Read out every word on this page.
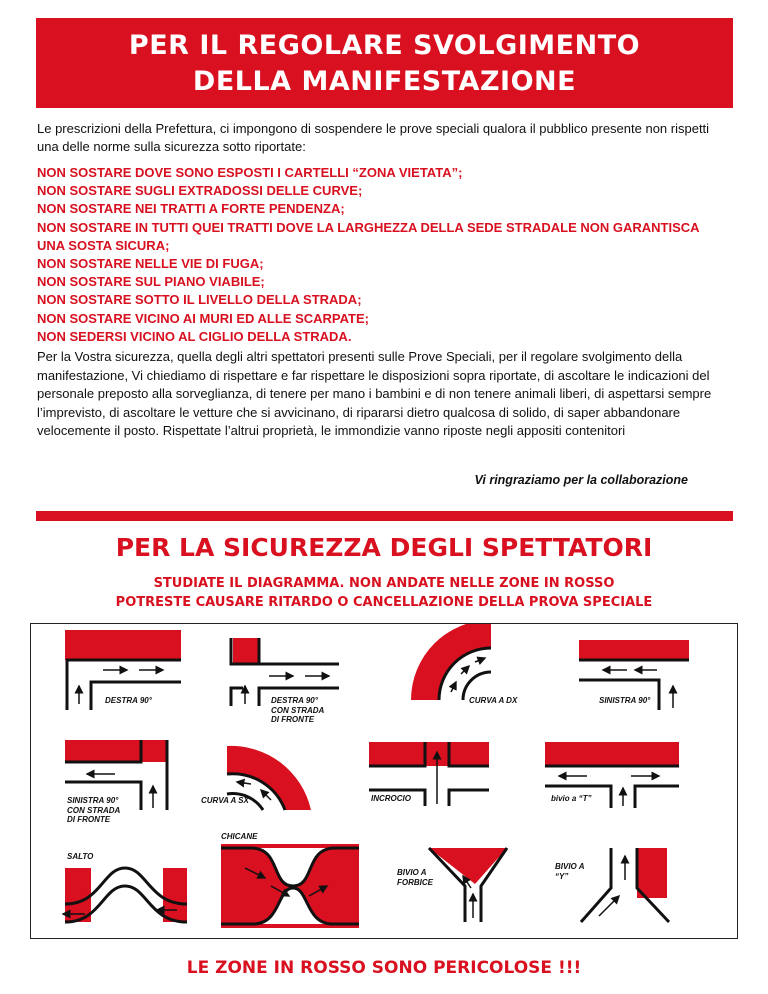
PER IL REGOLARE SVOLGIMENTO
DELLA MANIFESTAZIONE

Le prescrizioni della Prefettura, ci impongono di sospendere le prove speciali qualora il pubblico presente non rispetti una delle norme sulla sicurezza sotto riportate:

NON SOSTARE DOVE SONO ESPOSTI I CARTELLI “ZONA VIETATA”;
NON SOSTARE SUGLI EXTRADOSSI DELLE CURVE;
NON SOSTARE NEI TRATTI A FORTE PENDENZA;
NON SOSTARE IN TUTTI QUEI TRATTI DOVE LA LARGHEZZA DELLA SEDE STRADALE NON GARANTISCA UNA SOSTA SICURA;
NON SOSTARE NELLE VIE DI FUGA;
NON SOSTARE SUL PIANO VIABILE;
NON SOSTARE SOTTO IL LIVELLO DELLA STRADA;
NON SOSTARE VICINO AI MURI ED ALLE SCARPATE;
NON SEDERSI VICINO AL CIGLIO DELLA STRADA.

Per la Vostra sicurezza, quella degli altri spettatori presenti sulle Prove Speciali, per il regolare svolgimento della manifestazione, Vi chiediamo di rispettare e far rispettare le disposizioni sopra riportate, di ascoltare le indicazioni del personale preposto alla sorveglianza, di tenere per mano i bambini e di non tenere animali liberi, di aspettarsi sempre l’imprevisto, di ascoltare le vetture che si avvicinano, di ripararsi dietro qualcosa di solido, di saper abbandonare velocemente il posto. Rispettate l’altrui proprietà, le immondizie vanno riposte negli appositi contenitori

Vi ringraziamo per la collaborazione

PER LA SICUREZZA DEGLI SPETTATORI

STUDIATE IL DIAGRAMMA. NON ANDATE NELLE ZONE IN ROSSO

POTRESTE CAUSARE RITARDO O CANCELLAZIONE DELLA PROVA SPECIALE

DESTRA 90°	DESTRA 90°
CON STRADA
DI FRONTE

CURVA A DX	SINISTRA 90°

SINISTRA 90°
CON STRADA
DI FRONTE

CURVA A SX	INCROCIO	bivio a “T”

CHICANE

SALTO

BIVIO A
FORBICE

BIVIO A
“Y”

LE ZONE IN ROSSO SONO PERICOLOSE !!!
